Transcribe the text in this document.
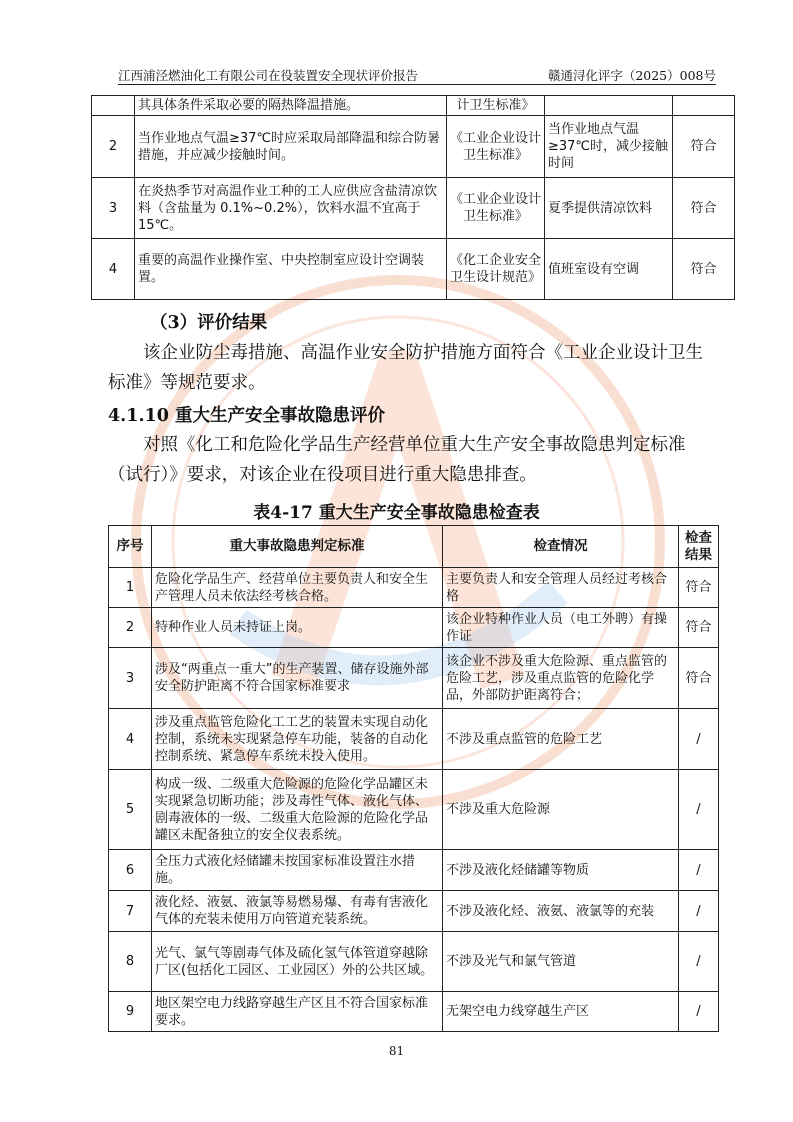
江西浦泾燃油化工有限公司在役装置安全现状评价报告	赣通浔化评字（2025）008号
	其具体条件采取必要的隔热降温措施。	计卫生标准》		
2	当作业地点气温≥37℃时应采取局部降温和综合防暑措施，并应减少接触时间。	《工业企业设计卫生标准》	当作业地点气温≥37℃时，减少接触时间	符合
3	在炎热季节对高温作业工种的工人应供应含盐清凉饮料（含盐量为 0.1%~0.2%），饮料水温不宜高于 15℃。	《工业企业设计卫生标准》	夏季提供清凉饮料	符合
4	重要的高温作业操作室、中央控制室应设计空调装置。	《化工企业安全卫生设计规范》	值班室设有空调	符合
（3）评价结果
该企业防尘毒措施、高温作业安全防护措施方面符合《工业企业设计卫生标准》等规范要求。
4.1.10 重大生产安全事故隐患评价
对照《化工和危险化学品生产经营单位重大生产安全事故隐患判定标准（试行）》要求，对该企业在役项目进行重大隐患排查。
表4-17 重大生产安全事故隐患检查表
序号	重大事故隐患判定标准	检查情况	检查结果
1	危险化学品生产、经营单位主要负责人和安全生产管理人员未依法经考核合格。	主要负责人和安全管理人员经过考核合格	符合
2	特种作业人员未持证上岗。	该企业特种作业人员（电工外聘）有操作证	符合
3	涉及“两重点一重大”的生产装置、储存设施外部安全防护距离不符合国家标准要求	该企业不涉及重大危险源、重点监管的危险工艺，涉及重点监管的危险化学品，外部防护距离符合；	符合
4	涉及重点监管危险化工工艺的装置未实现自动化控制，系统未实现紧急停车功能，装备的自动化控制系统、紧急停车系统未投入使用。	不涉及重点监管的危险工艺	/
5	构成一级、二级重大危险源的危险化学品罐区未实现紧急切断功能；涉及毒性气体、液化气体、剧毒液体的一级、二级重大危险源的危险化学品罐区未配备独立的安全仪表系统。	不涉及重大危险源	/
6	全压力式液化烃储罐未按国家标准设置注水措施。	不涉及液化烃储罐等物质	/
7	液化烃、液氨、液氯等易燃易爆、有毒有害液化气体的充装未使用万向管道充装系统。	不涉及液化烃、液氨、液氯等的充装	/
8	光气、氯气等剧毒气体及硫化氢气体管道穿越除厂区(包括化工园区、工业园区）外的公共区域。	不涉及光气和氯气管道	/
9	地区架空电力线路穿越生产区且不符合国家标准要求。	无架空电力线穿越生产区	/
81
